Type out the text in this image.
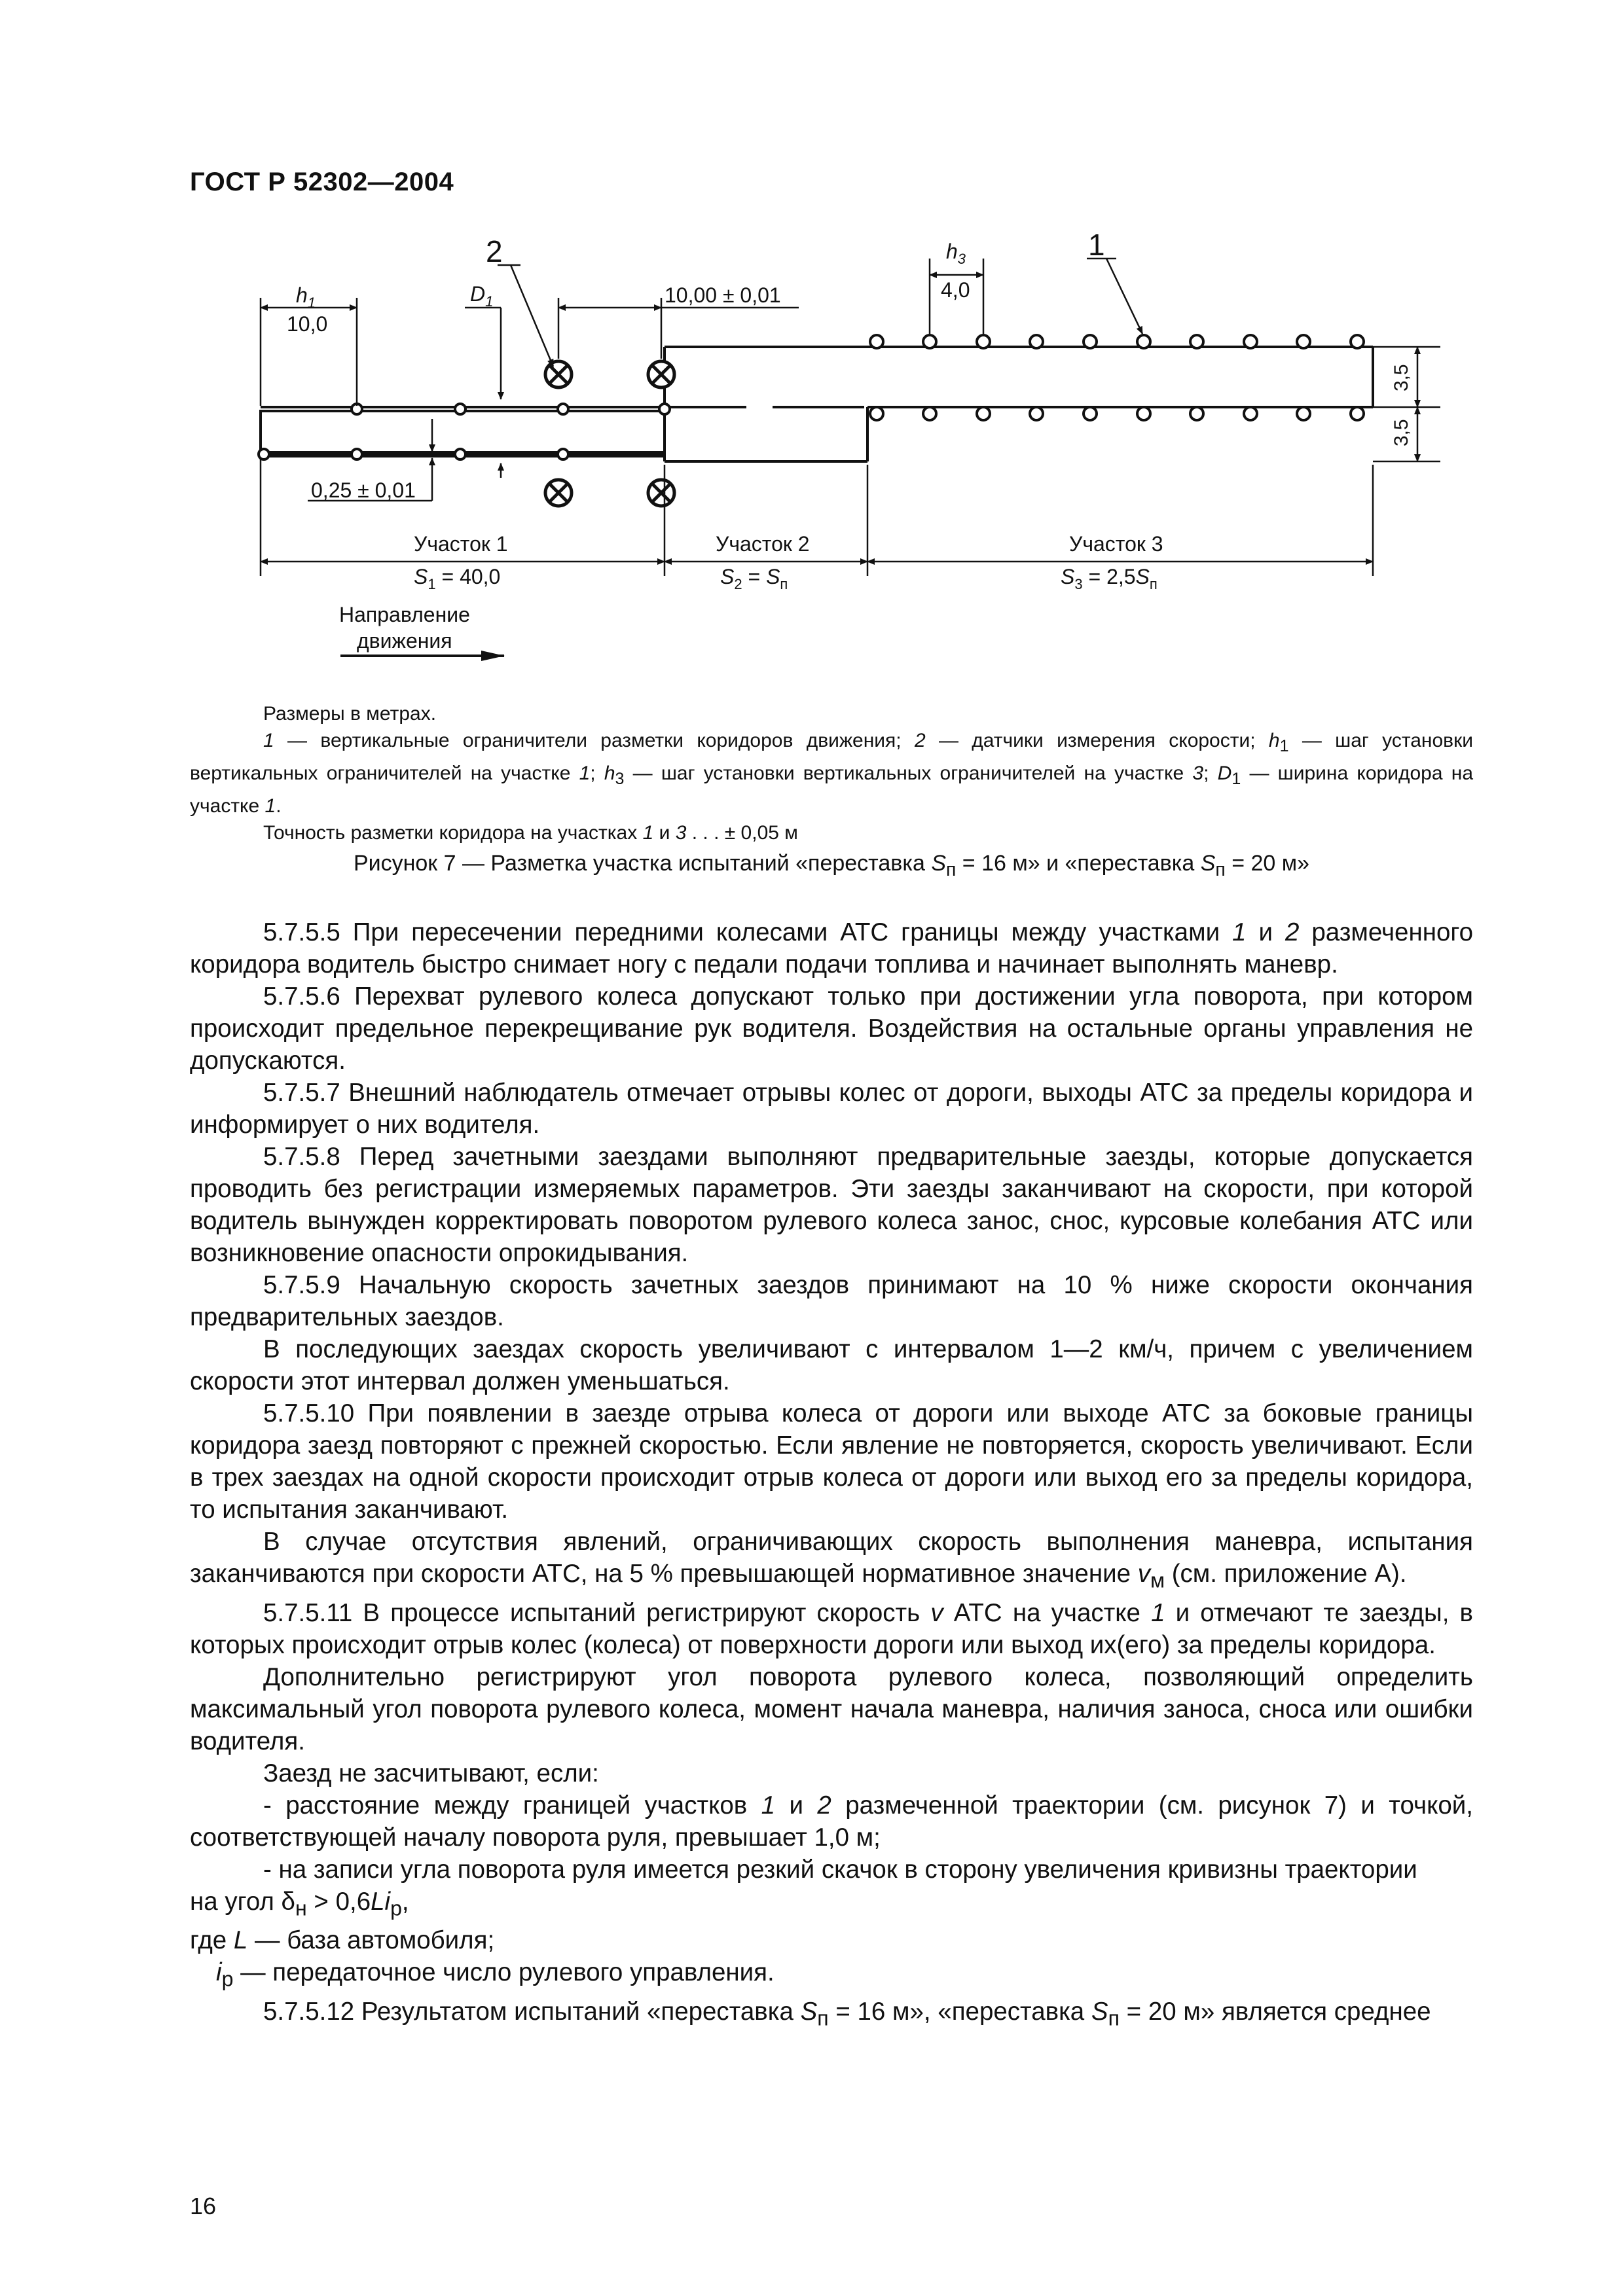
ГОСТ Р 52302—2004
2	1
$h_1$
10,0
$D_1$	10,00 ± 0,01
$h_3$
4,0
3,5
3,5
0,25 ± 0,01
Участок 1
$S_1 = 40,0$
Участок 2
$S_2 = S_п$
Участок 3
$S_3 = 2,5S_п$
Направление
движения

Размеры в метрах.

1 — вертикальные ограничители разметки коридоров движения; 2 — датчики измерения скорости; $h_1$ — шаг установки вертикальных ограничителей на участке 1; $h_3$ — шаг установки вертикальных ограничителей на участке 3; $D_1$ — ширина коридора на участке 1.

Точность разметки коридора на участках 1 и 3 . . . ± 0,05 м

Рисунок 7 — Разметка участка испытаний «переставка $S_п = 16$ м» и «переставка $S_п = 20$ м»

5.7.5.5 При пересечении передними колесами АТС границы между участками 1 и 2 размеченного коридора водитель быстро снимает ногу с педали подачи топлива и начинает выполнять маневр.

5.7.5.6 Перехват рулевого колеса допускают только при достижении угла поворота, при котором происходит предельное перекрещивание рук водителя. Воздействия на остальные органы управления не допускаются.

5.7.5.7 Внешний наблюдатель отмечает отрывы колес от дороги, выходы АТС за пределы коридора и информирует о них водителя.

5.7.5.8 Перед зачетными заездами выполняют предварительные заезды, которые допускается проводить без регистрации измеряемых параметров. Эти заезды заканчивают на скорости, при которой водитель вынужден корректировать поворотом рулевого колеса занос, снос, курсовые колебания АТС или возникновение опасности опрокидывания.

5.7.5.9 Начальную скорость зачетных заездов принимают на 10 % ниже скорости окончания предварительных заездов.

В последующих заездах скорость увеличивают с интервалом 1—2 км/ч, причем с увеличением скорости этот интервал должен уменьшаться.

5.7.5.10 При появлении в заезде отрыва колеса от дороги или выходе АТС за боковые границы коридора заезд повторяют с прежней скоростью. Если явление не повторяется, скорость увеличивают. Если в трех заездах на одной скорости происходит отрыв колеса от дороги или выход его за пределы коридора, то испытания заканчивают.

В случае отсутствия явлений, ограничивающих скорость выполнения маневра, испытания заканчиваются при скорости АТС, на 5 % превышающей нормативное значение $v_м$ (см. приложение А).

5.7.5.11 В процессе испытаний регистрируют скорость v АТС на участке 1 и отмечают те заезды, в которых происходит отрыв колес (колеса) от поверхности дороги или выход их(его) за пределы коридора.

Дополнительно регистрируют угол поворота рулевого колеса, позволяющий определить максимальный угол поворота рулевого колеса, момент начала маневра, наличия заноса, сноса или ошибки водителя.

Заезд не засчитывают, если:

- расстояние между границей участков 1 и 2 размеченной траектории (см. рисунок 7) и точкой, соответствующей началу поворота руля, превышает 1,0 м;

- на записи угла поворота руля имеется резкий скачок в сторону увеличения кривизны траектории

на угол $\delta_н > 0,6Li_р$,

где L — база автомобиля;

$i_р$ — передаточное число рулевого управления.

5.7.5.12 Результатом испытаний «переставка $S_п = 16$ м», «переставка $S_п = 20$ м» является среднее

16
